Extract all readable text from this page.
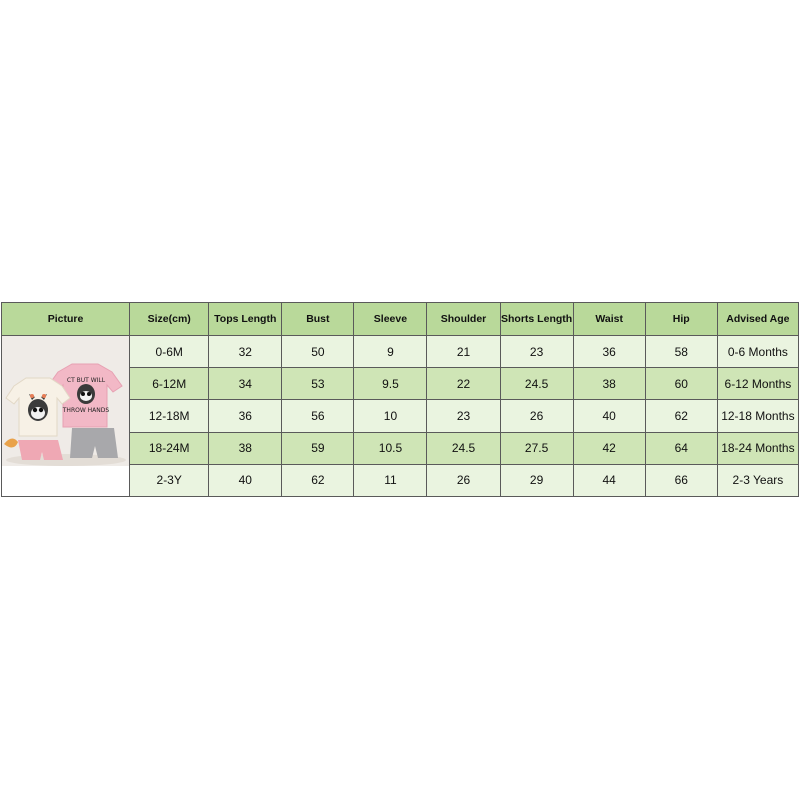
Picture	Size(cm)	Tops Length	Bust	Sleeve	Shoulder	Shorts Length	Waist	Hip	Advised Age

CT BUT WILL
THROW HANDS	0-6M	32	50	9	21	23	36	58	0-6 Months
	6-12M	34	53	9.5	22	24.5	38	60	6-12 Months
	12-18M	36	56	10	23	26	40	62	12-18 Months
	18-24M	38	59	10.5	24.5	27.5	42	64	18-24 Months
	2-3Y	40	62	11	26	29	44	66	2-3 Years
